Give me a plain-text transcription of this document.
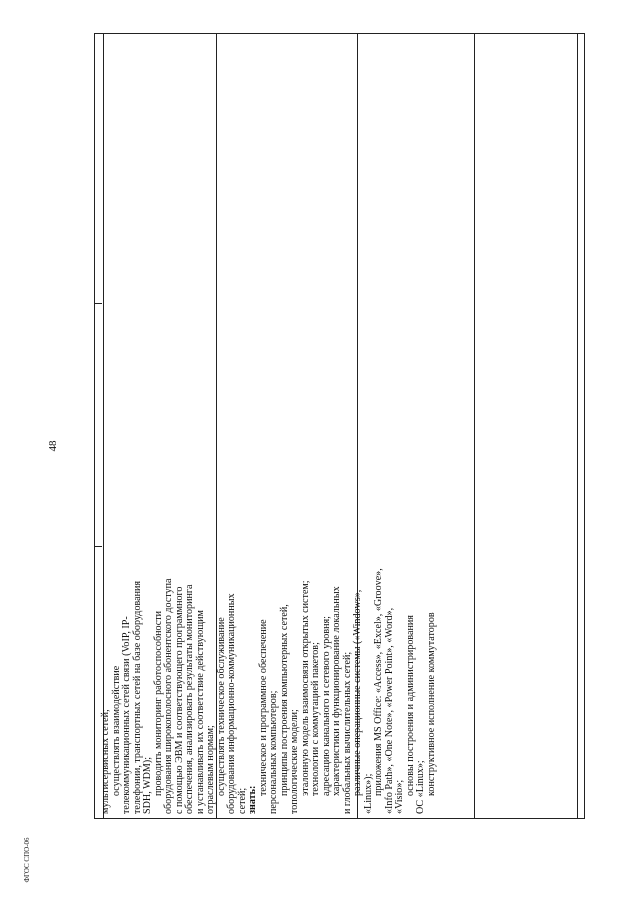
48
мультисервисных сетей; осуществлять взаимодействие телекоммуникационных сетей связи (VoIP, IP- телефонии, транспортных сетей на базе оборудования SDH, WDM); проводить мониторинг работоспособности оборудования широкополосного абонентского доступа с помощью ЭВМ и соответствующего программного обеспечения, анализировать результаты мониторинга и устанавливать их соответствие действующим отраслевым нормам; осуществлять техническое обслуживание оборудования информационно-коммуникационных сетей; знать:
техническое и программное обеспечение персональных компьютеров; принципы построения компьютерных сетей, топологические модели; эталонную модель взаимосвязи открытых систем; технологии с коммутацией пакетов; адресацию канального и сетевого уровня; характеристики и функционирование локальных и глобальных вычислительных сетей; различные операционные системы («Windows», «Linux»); приложения MS Office: «Access», «Excel», «Groove», «Info Path», «One Note», «Power Point», «Word», «Visio»;
основы построения и администрирования ОС «Linux»; конструктивное исполнение коммутаторов
ФГОС СПО-06
